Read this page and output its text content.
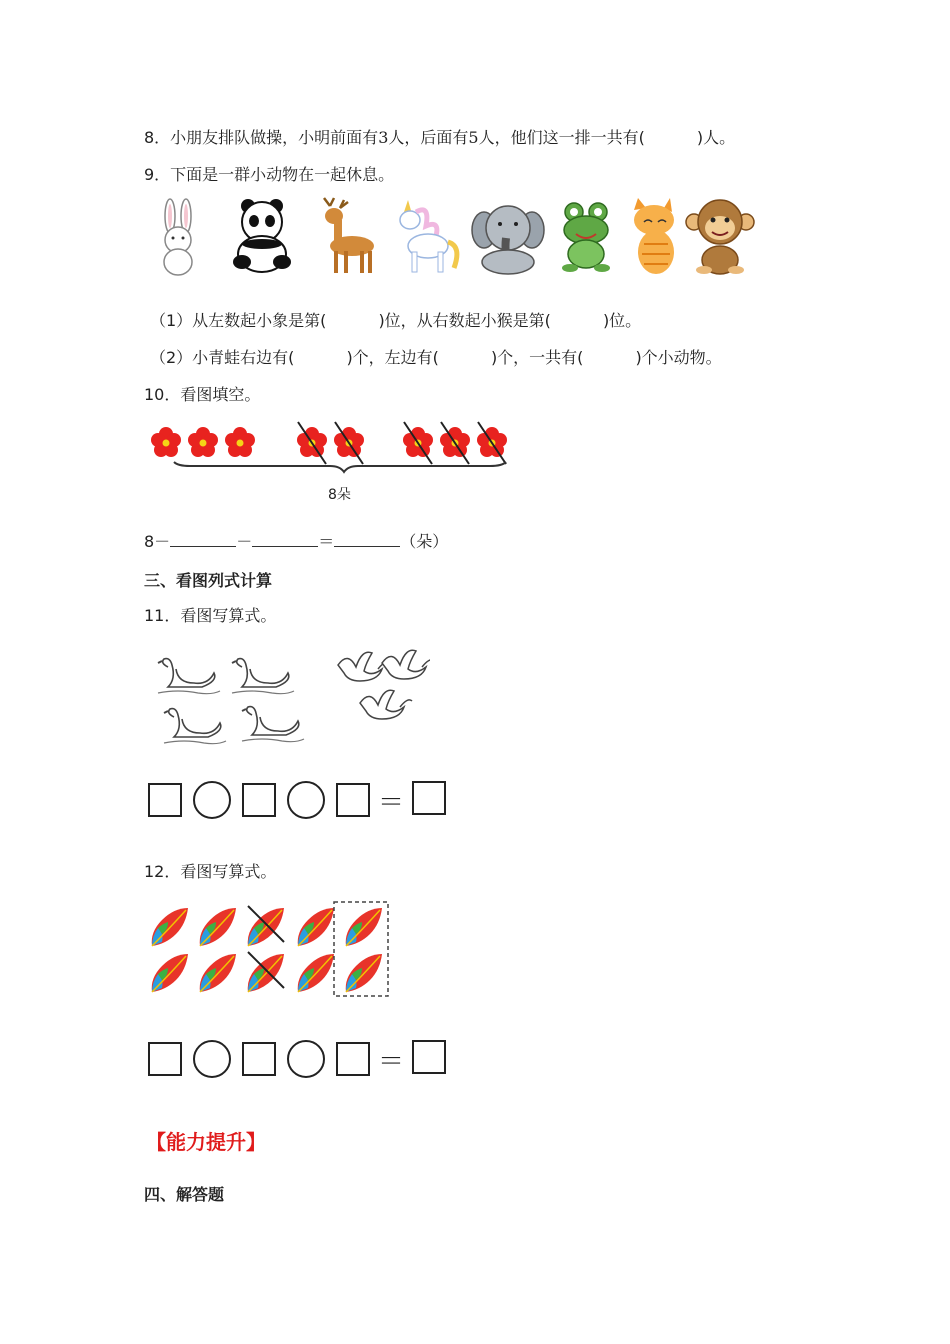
8．小朋友排队做操，小明前面有3人，后面有5人，他们这一排一共有(	)人。
9．下面是一群小动物在一起休息。
（1）从左数起小象是第(	)位，从右数起小猴是第(	)位。
（2）小青蛙右边有(	)个，左边有(	)个，一共有(	)个小动物。
10．看图填空。
8朵
8－	－	＝	（朵）
三、看图列式计算
11．看图写算式。
＝
12．看图写算式。
＝
【能力提升】
四、解答题
